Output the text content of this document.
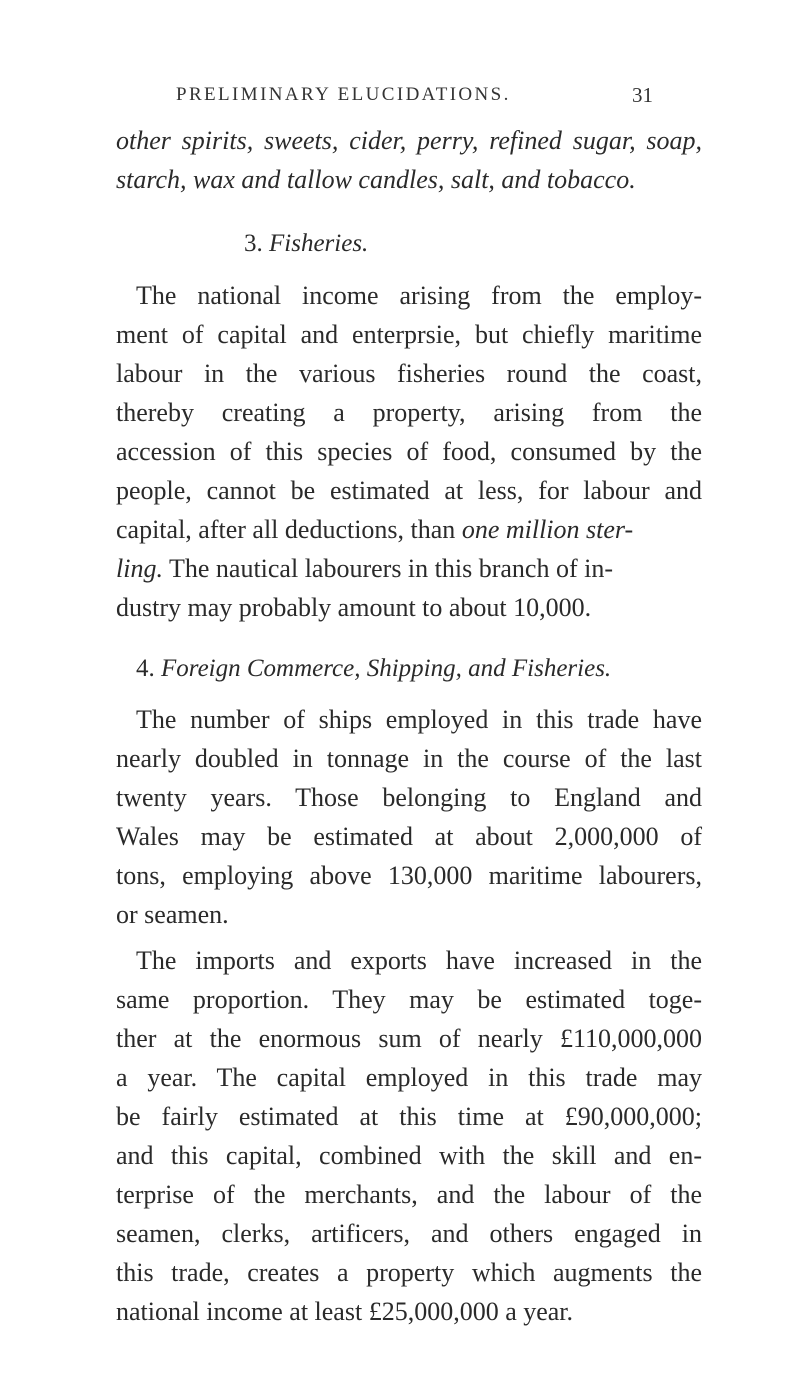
PRELIMINARY ELUCIDATIONS.	31
other spirits, sweets, cider, perry, refined sugar, soap,
starch, wax and tallow candles, salt, and tobacco.
3. Fisheries.
The national income arising from the employ-
ment of capital and enterprsie, but chiefly maritime
labour in the various fisheries round the coast,
thereby creating a property, arising from the
accession of this species of food, consumed by the
people, cannot be estimated at less, for labour and
capital, after all deductions, than one million ster-
ling. The nautical labourers in this branch of in-
dustry may probably amount to about 10,000.
4. Foreign Commerce, Shipping, and Fisheries.
The number of ships employed in this trade have
nearly doubled in tonnage in the course of the last
twenty years. Those belonging to England and
Wales may be estimated at about 2,000,000 of
tons, employing above 130,000 maritime labourers,
or seamen.
The imports and exports have increased in the
same proportion. They may be estimated toge-
ther at the enormous sum of nearly £110,000,000
a year. The capital employed in this trade may
be fairly estimated at this time at £90,000,000;
and this capital, combined with the skill and en-
terprise of the merchants, and the labour of the
seamen, clerks, artificers, and others engaged in
this trade, creates a property which augments the
national income at least £25,000,000 a year.
